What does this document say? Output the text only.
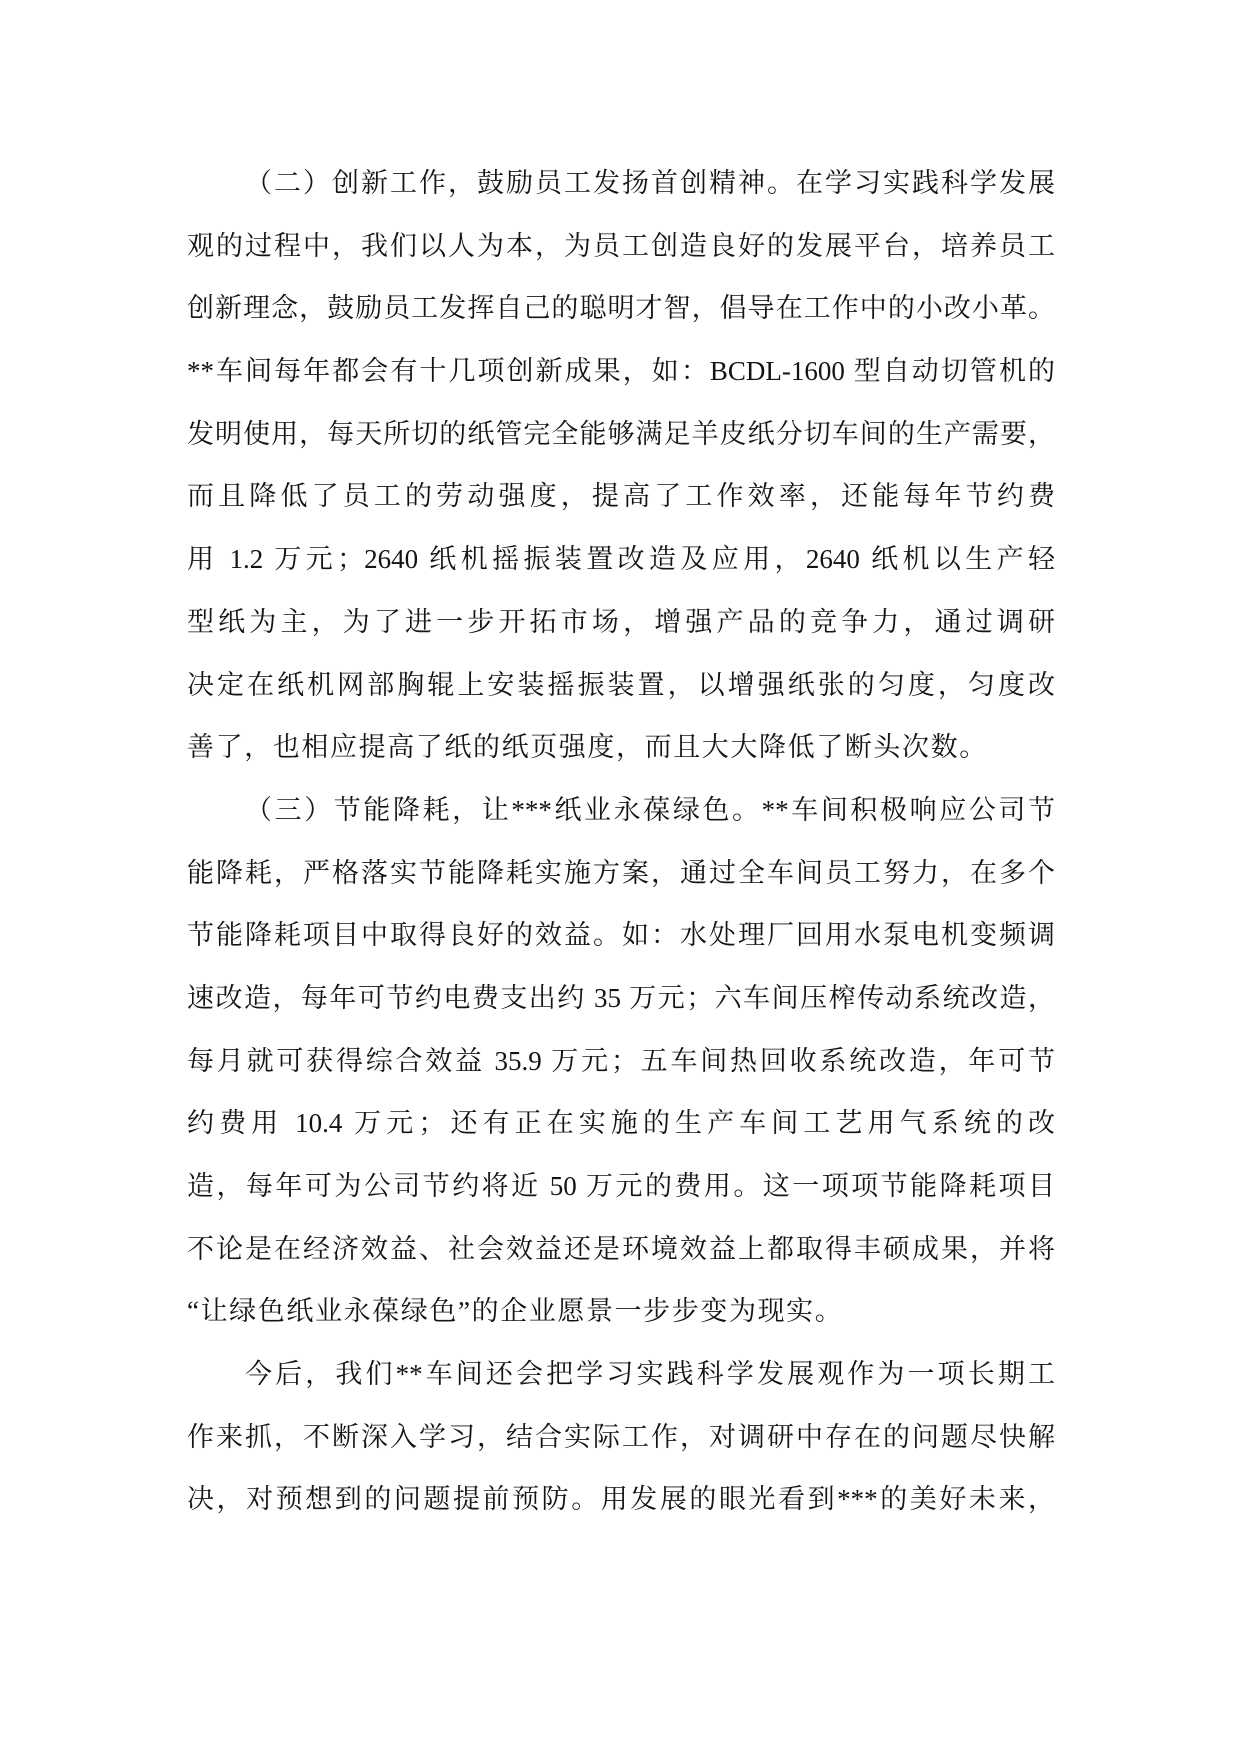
（二）创新工作，鼓励员工发扬首创精神。在学习实践科学发展
观的过程中，我们以人为本，为员工创造良好的发展平台，培养员工
创新理念，鼓励员工发挥自己的聪明才智，倡导在工作中的小改小革。
**车间每年都会有十几项创新成果，如：BCDL-1600 型自动切管机的
发明使用，每天所切的纸管完全能够满足羊皮纸分切车间的生产需要，
而且降低了员工的劳动强度，提高了工作效率，还能每年节约费
用 1.2 万元；2640 纸机摇振装置改造及应用，2640 纸机以生产轻
型纸为主，为了进一步开拓市场，增强产品的竞争力，通过调研
决定在纸机网部胸辊上安装摇振装置，以增强纸张的匀度，匀度改
善了，也相应提高了纸的纸页强度，而且大大降低了断头次数。
（三）节能降耗，让***纸业永葆绿色。**车间积极响应公司节
能降耗，严格落实节能降耗实施方案，通过全车间员工努力，在多个
节能降耗项目中取得良好的效益。如：水处理厂回用水泵电机变频调
速改造，每年可节约电费支出约 35 万元；六车间压榨传动系统改造，
每月就可获得综合效益 35.9 万元；五车间热回收系统改造，年可节
约费用 10.4 万元；还有正在实施的生产车间工艺用气系统的改
造，每年可为公司节约将近 50 万元的费用。这一项项节能降耗项目
不论是在经济效益、社会效益还是环境效益上都取得丰硕成果，并将
“让绿色纸业永葆绿色”的企业愿景一步步变为现实。
今后，我们**车间还会把学习实践科学发展观作为一项长期工
作来抓，不断深入学习，结合实际工作，对调研中存在的问题尽快解
决，对预想到的问题提前预防。用发展的眼光看到***的美好未来，
